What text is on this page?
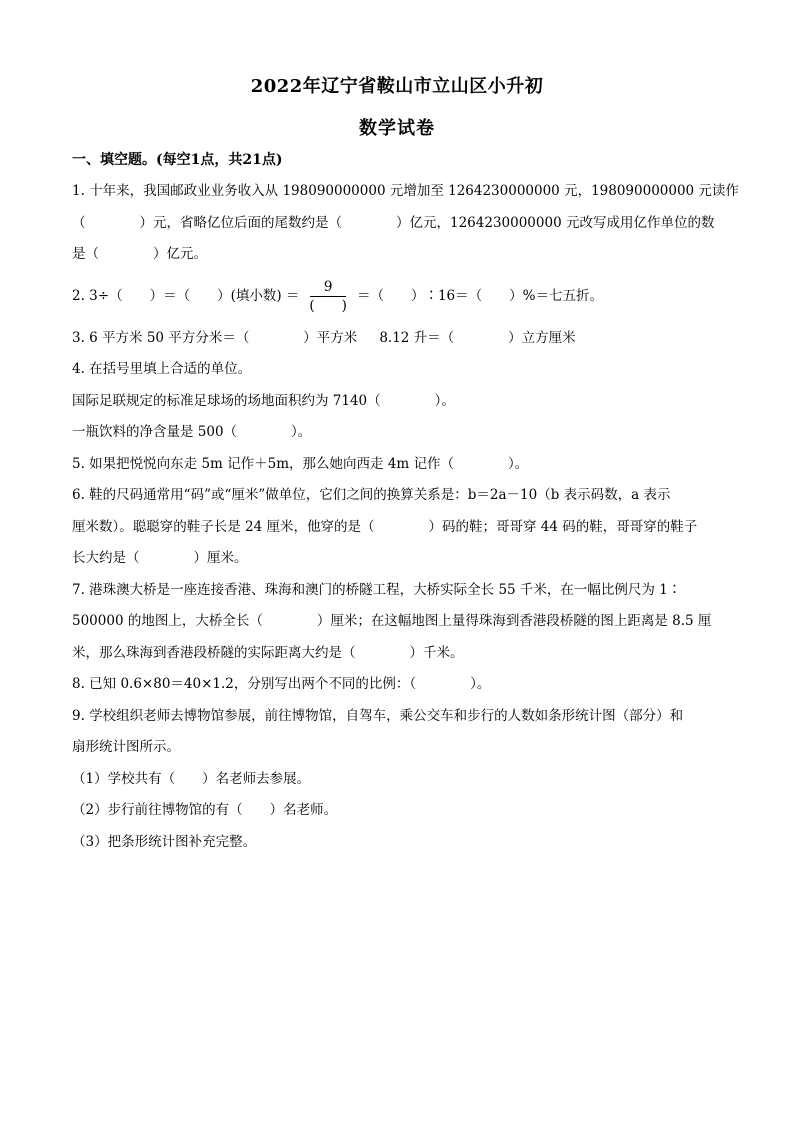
2022年辽宁省鞍山市立山区小升初
数学试卷
一、填空题。(每空1点，共21点)
1. 十年来，我国邮政业业务收入从 198090000000 元增加至 1264230000000 元，198090000000 元读作
（　　　　）元，省略亿位后面的尾数约是（　　　　）亿元，1264230000000 元改写成用亿作单位的数
是（　　　　）亿元。
2. 3÷（　　）＝（　　）(填小数) ＝ $\frac{9}{( )}$ ＝（　　）∶16＝（　　）%＝七五折。
3. 6 平方米 50 平方分米＝（　　　　）平方米 8.12 升＝（　　　　）立方厘米
4. 在括号里填上合适的单位。
国际足联规定的标准足球场的场地面积约为 7140（　　　　）。
一瓶饮料的净含量是 500（　　　　）。
5. 如果把悦悦向东走 5m 记作＋5m，那么她向西走 4m 记作（　　　　）。
6. 鞋的尺码通常用“码”或“厘米”做单位，它们之间的换算关系是：b＝2a－10（b 表示码数，a 表示
厘米数）。聪聪穿的鞋子长是 24 厘米，他穿的是（　　　　）码的鞋；哥哥穿 44 码的鞋，哥哥穿的鞋子
长大约是（　　　　）厘米。
7. 港珠澳大桥是一座连接香港、珠海和澳门的桥隧工程，大桥实际全长 55 千米，在一幅比例尺为 1∶
500000 的地图上，大桥全长（　　　　）厘米；在这幅地图上量得珠海到香港段桥隧的图上距离是 8.5 厘
米，那么珠海到香港段桥隧的实际距离大约是（　　　　）千米。
8. 已知 0.6×80＝40×1.2，分别写出两个不同的比例：（　　　　）。
9. 学校组织老师去博物馆参展，前往博物馆，自驾车，乘公交车和步行的人数如条形统计图（部分）和
扇形统计图所示。
（1）学校共有（　　）名老师去参展。
（2）步行前往博物馆的有（　　）名老师。
（3）把条形统计图补充完整。
